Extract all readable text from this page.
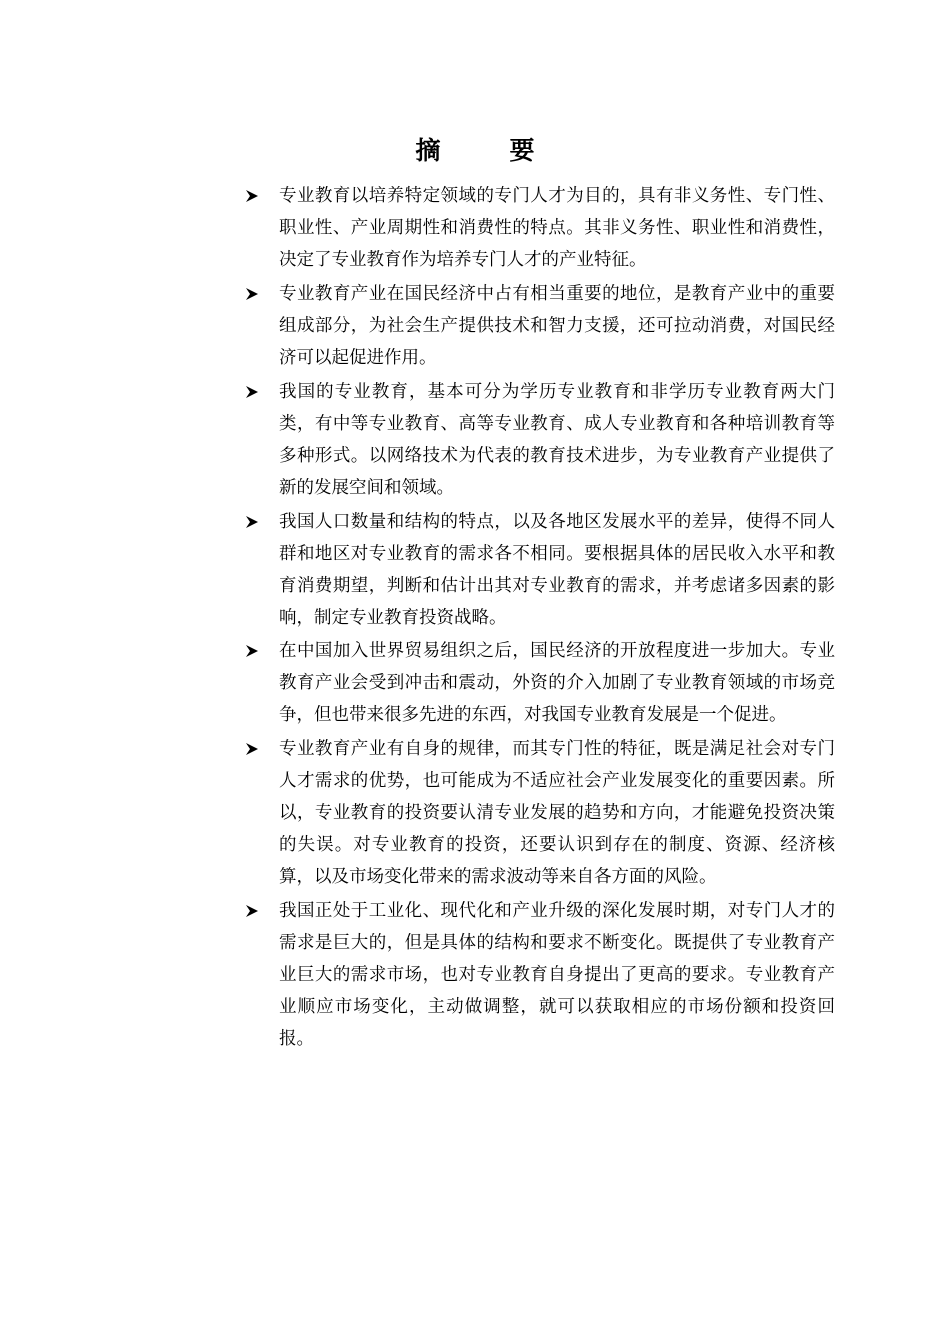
摘　要
专业教育以培养特定领域的专门人才为目的，具有非义务性、专门性、职业性、产业周期性和消费性的特点。其非义务性、职业性和消费性，决定了专业教育作为培养专门人才的产业特征。
专业教育产业在国民经济中占有相当重要的地位，是教育产业中的重要组成部分，为社会生产提供技术和智力支援，还可拉动消费，对国民经济可以起促进作用。
我国的专业教育，基本可分为学历专业教育和非学历专业教育两大门类，有中等专业教育、高等专业教育、成人专业教育和各种培训教育等多种形式。以网络技术为代表的教育技术进步，为专业教育产业提供了新的发展空间和领域。
我国人口数量和结构的特点，以及各地区发展水平的差异，使得不同人群和地区对专业教育的需求各不相同。要根据具体的居民收入水平和教育消费期望，判断和估计出其对专业教育的需求，并考虑诸多因素的影响，制定专业教育投资战略。
在中国加入世界贸易组织之后，国民经济的开放程度进一步加大。专业教育产业会受到冲击和震动，外资的介入加剧了专业教育领域的市场竞争，但也带来很多先进的东西，对我国专业教育发展是一个促进。
专业教育产业有自身的规律，而其专门性的特征，既是满足社会对专门人才需求的优势，也可能成为不适应社会产业发展变化的重要因素。所以，专业教育的投资要认清专业发展的趋势和方向，才能避免投资决策的失误。对专业教育的投资，还要认识到存在的制度、资源、经济核算，以及市场变化带来的需求波动等来自各方面的风险。
我国正处于工业化、现代化和产业升级的深化发展时期，对专门人才的需求是巨大的，但是具体的结构和要求不断变化。既提供了专业教育产业巨大的需求市场，也对专业教育自身提出了更高的要求。专业教育产业顺应市场变化，主动做调整，就可以获取相应的市场份额和投资回报。
